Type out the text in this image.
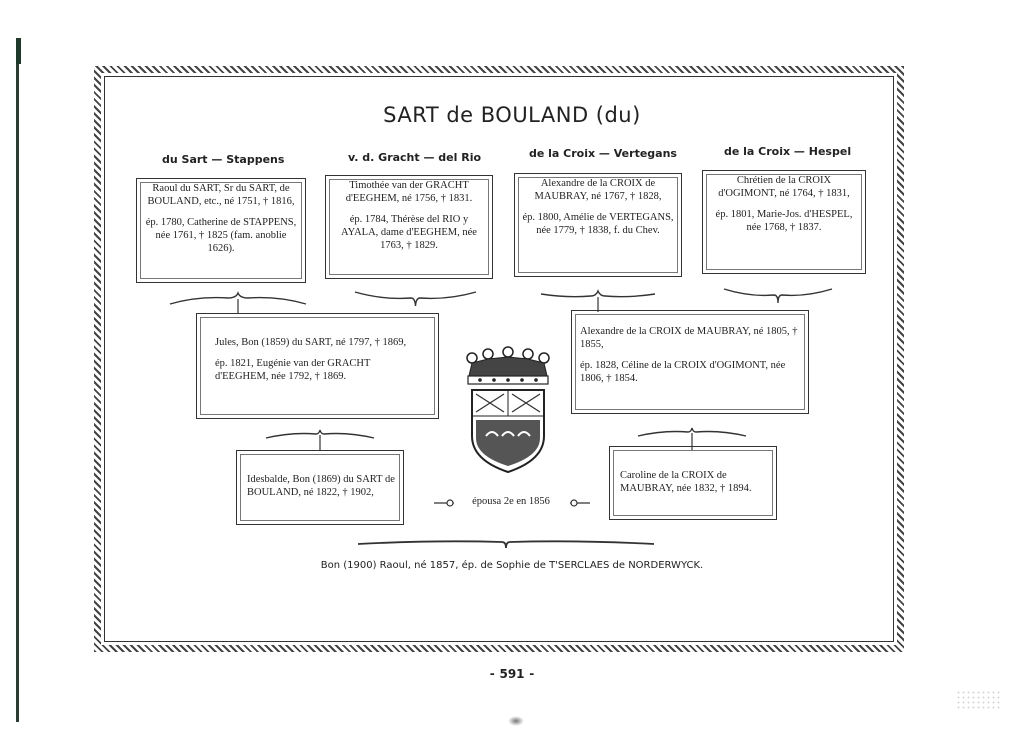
SART de BOULAND (du)
du Sart — Stappens	v. d. Gracht — del Rio	de la Croix — Vertegans	de la Croix — Hespel

Raoul du SART, Sr du SART, de BOULAND, etc., né 1751, † 1816,

ép. 1780, Catherine de STAPPENS, née 1761, † 1825 (fam. anoblie 1626).

Timothée van der GRACHT d'EEGHEM, né 1756, † 1831.

ép. 1784, Thérèse del RIO y AYALA, dame d'EEGHEM, née 1763, † 1829.

Alexandre de la CROIX de MAUBRAY, né 1767, † 1828,

ép. 1800, Amélie de VERTEGANS, née 1779, † 1838, f. du Chev.

Chrétien de la CROIX d'OGIMONT, né 1764, † 1831,

ép. 1801, Marie-Jos. d'HESPEL, née 1768, † 1837.

Jules, Bon (1859) du SART, né 1797, † 1869,

ép. 1821, Eugénie van der GRACHT d'EEGHEM, née 1792, † 1869.

Alexandre de la CROIX de MAUBRAY, né 1805, † 1855,

ép. 1828, Céline de la CROIX d'OGIMONT, née 1806, † 1854.

Idesbalde, Bon (1869) du SART de BOULAND, né 1822, † 1902,

Caroline de la CROIX de MAUBRAY, née 1832, † 1894.

épousa 2e en 1856
Bon (1900) Raoul, né 1857, ép. de Sophie de T'SERCLAES de NORDERWYCK.
⁃ 591 ⁃
